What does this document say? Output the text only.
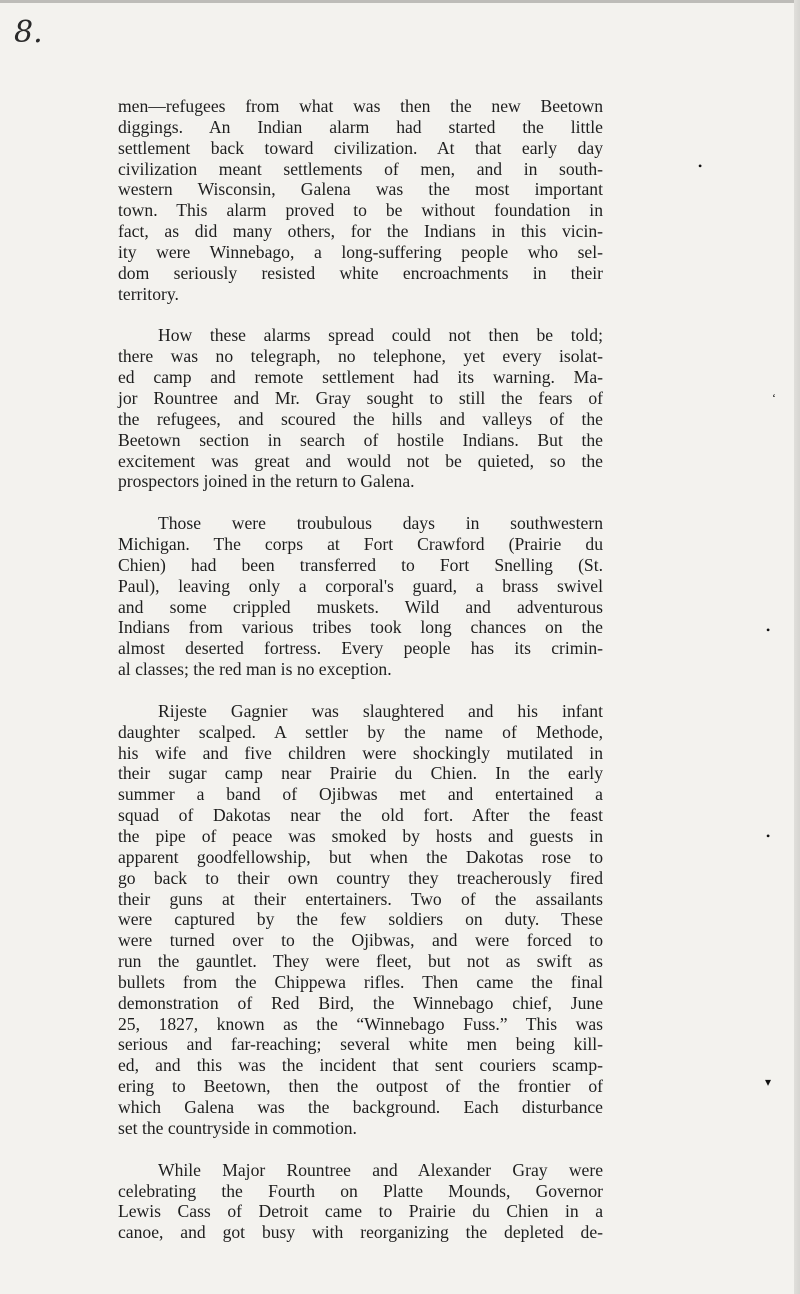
8.

men—refugees from what was then the new Beetown
diggings. An Indian alarm had started the little
settlement back toward civilization. At that early day
civilization meant settlements of men, and in south-
western Wisconsin, Galena was the most important
town. This alarm proved to be without foundation in
fact, as did many others, for the Indians in this vicin-
ity were Winnebago, a long-suffering people who sel-
dom seriously resisted white encroachments in their
territory.

How these alarms spread could not then be told;
there was no telegraph, no telephone, yet every isolat-
ed camp and remote settlement had its warning. Ma-
jor Rountree and Mr. Gray sought to still the fears of
the refugees, and scoured the hills and valleys of the
Beetown section in search of hostile Indians. But the
excitement was great and would not be quieted, so the
prospectors joined in the return to Galena.

Those were troubulous days in southwestern
Michigan. The corps at Fort Crawford (Prairie du
Chien) had been transferred to Fort Snelling (St.
Paul), leaving only a corporal's guard, a brass swivel
and some crippled muskets. Wild and adventurous
Indians from various tribes took long chances on the
almost deserted fortress. Every people has its crimin-
al classes; the red man is no exception.

Rijeste Gagnier was slaughtered and his infant
daughter scalped. A settler by the name of Methode,
his wife and five children were shockingly mutilated in
their sugar camp near Prairie du Chien. In the early
summer a band of Ojibwas met and entertained a
squad of Dakotas near the old fort. After the feast
the pipe of peace was smoked by hosts and guests in
apparent goodfellowship, but when the Dakotas rose to
go back to their own country they treacherously fired
their guns at their entertainers. Two of the assailants
were captured by the few soldiers on duty. These
were turned over to the Ojibwas, and were forced to
run the gauntlet. They were fleet, but not as swift as
bullets from the Chippewa rifles. Then came the final
demonstration of Red Bird, the Winnebago chief, June
25, 1827, known as the “Winnebago Fuss.” This was
serious and far-reaching; several white men being kill-
ed, and this was the incident that sent couriers scamp-
ering to Beetown, then the outpost of the frontier of
which Galena was the background. Each disturbance
set the countryside in commotion.

While Major Rountree and Alexander Gray were
celebrating the Fourth on Platte Mounds, Governor
Lewis Cass of Detroit came to Prairie du Chien in a
canoe, and got busy with reorganizing the depleted de-

•
‘
•
•
▾
